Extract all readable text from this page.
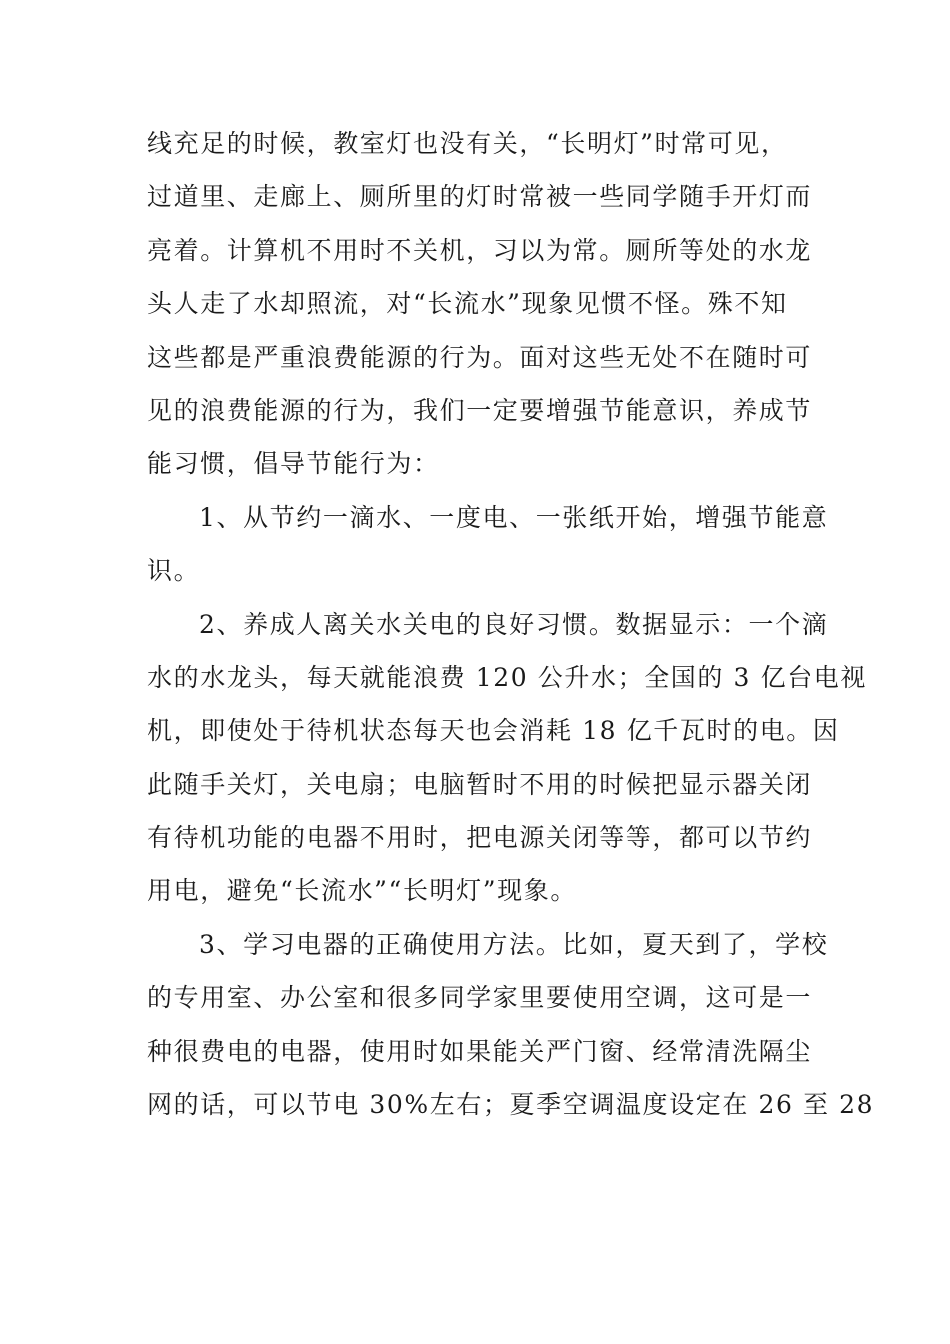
线充足的时候，教室灯也没有关，“长明灯”时常可见，
过道里、走廊上、厕所里的灯时常被一些同学随手开灯而
亮着。计算机不用时不关机，习以为常。厕所等处的水龙
头人走了水却照流，对“长流水”现象见惯不怪。殊不知
这些都是严重浪费能源的行为。面对这些无处不在随时可
见的浪费能源的行为，我们一定要增强节能意识，养成节
能习惯，倡导节能行为：
1、从节约一滴水、一度电、一张纸开始，增强节能意
识。
2、养成人离关水关电的良好习惯。数据显示：一个滴
水的水龙头，每天就能浪费 120 公升水；全国的 3 亿台电视
机，即使处于待机状态每天也会消耗 18 亿千瓦时的电。因
此随手关灯，关电扇；电脑暂时不用的时候把显示器关闭
有待机功能的电器不用时，把电源关闭等等，都可以节约
用电，避免“长流水”“长明灯”现象。
3、学习电器的正确使用方法。比如，夏天到了，学校
的专用室、办公室和很多同学家里要使用空调，这可是一
种很费电的电器，使用时如果能关严门窗、经常清洗隔尘
网的话，可以节电 30%左右；夏季空调温度设定在 26 至 28
